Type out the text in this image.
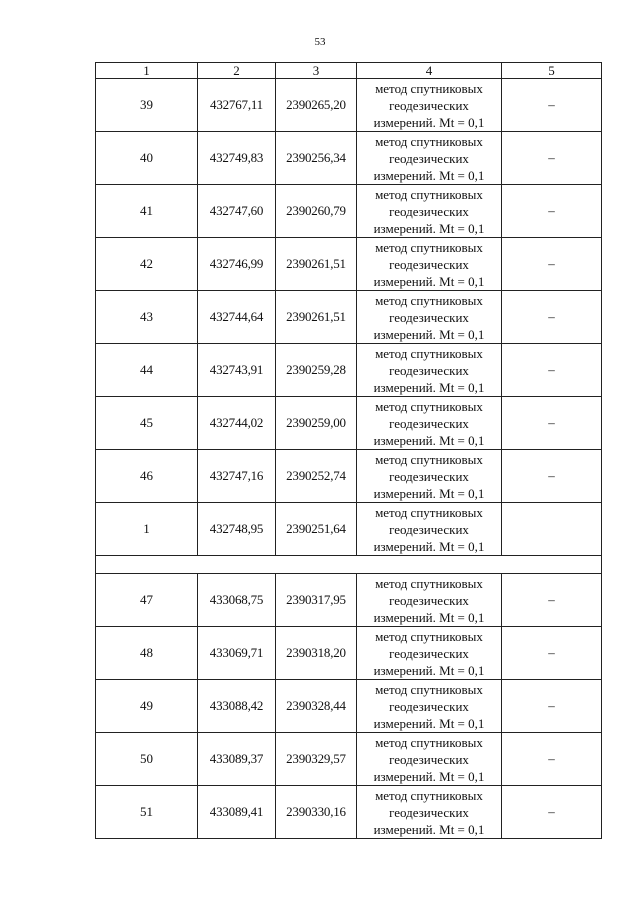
53
1	2	3	4	5
39	432767,11	2390265,20	метод спутниковых
геодезических
измерений. Mt = 0,1	–
40	432749,83	2390256,34	метод спутниковых
геодезических
измерений. Mt = 0,1	–
41	432747,60	2390260,79	метод спутниковых
геодезических
измерений. Mt = 0,1	–
42	432746,99	2390261,51	метод спутниковых
геодезических
измерений. Mt = 0,1	–
43	432744,64	2390261,51	метод спутниковых
геодезических
измерений. Mt = 0,1	–
44	432743,91	2390259,28	метод спутниковых
геодезических
измерений. Mt = 0,1	–
45	432744,02	2390259,00	метод спутниковых
геодезических
измерений. Mt = 0,1	–
46	432747,16	2390252,74	метод спутниковых
геодезических
измерений. Mt = 0,1	–
1	432748,95	2390251,64	метод спутниковых
геодезических
измерений. Mt = 0,1	

47	433068,75	2390317,95	метод спутниковых
геодезических
измерений. Mt = 0,1	–
48	433069,71	2390318,20	метод спутниковых
геодезических
измерений. Mt = 0,1	–
49	433088,42	2390328,44	метод спутниковых
геодезических
измерений. Mt = 0,1	–
50	433089,37	2390329,57	метод спутниковых
геодезических
измерений. Mt = 0,1	–
51	433089,41	2390330,16	метод спутниковых
геодезических
измерений. Mt = 0,1	–
